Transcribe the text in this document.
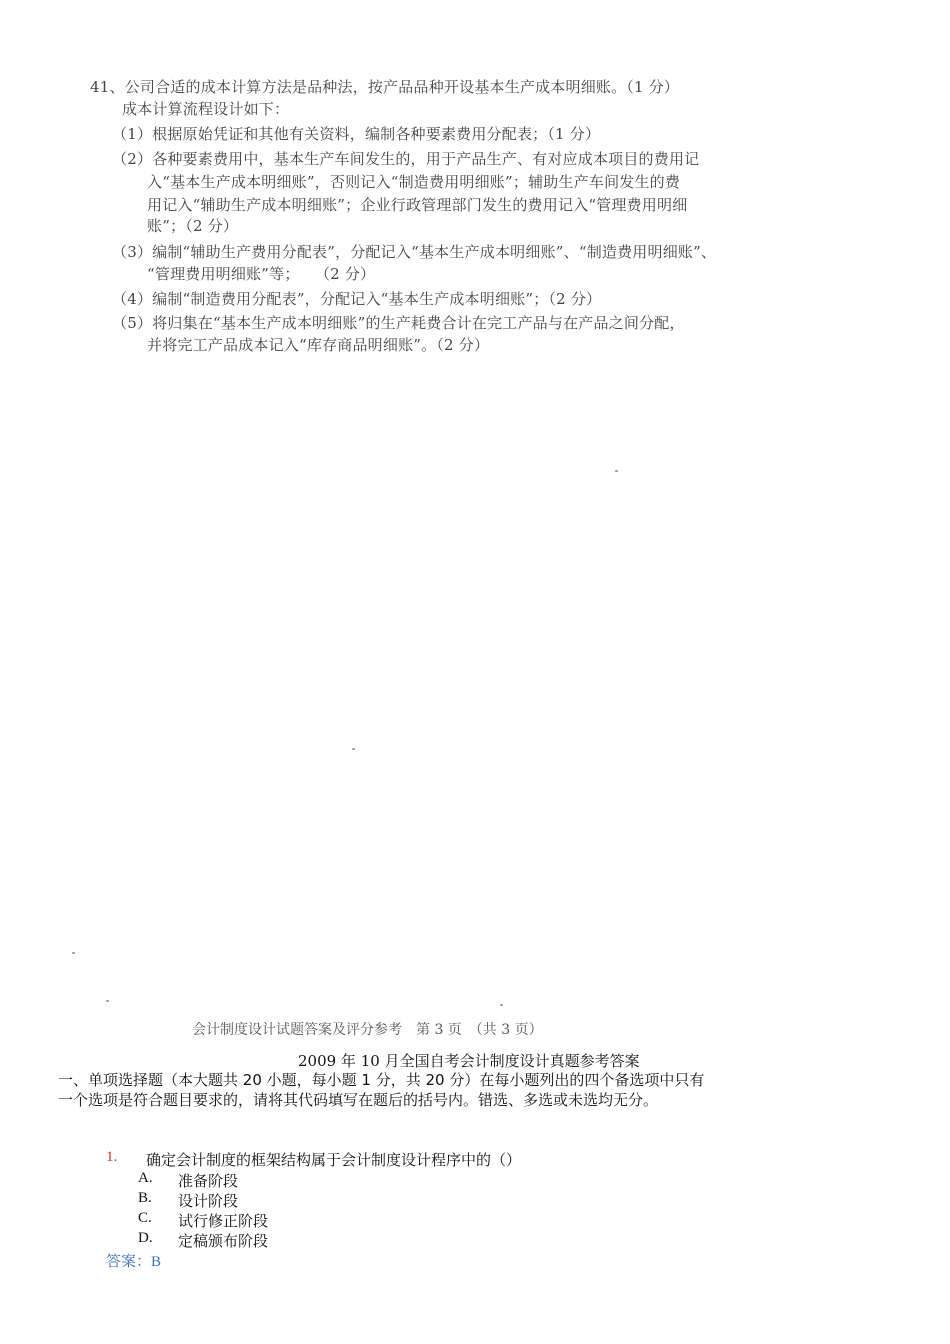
41、公司合适的成本计算方法是品种法，按产品品种开设基本生产成本明细账。（1 分）
成本计算流程设计如下：
（1）根据原始凭证和其他有关资料，编制各种要素费用分配表；（1 分）
（2）各种要素费用中，基本生产车间发生的，用于产品生产、有对应成本项目的费用记
入“基本生产成本明细账”，否则记入“制造费用明细账”；辅助生产车间发生的费
用记入“辅助生产成本明细账”；企业行政管理部门发生的费用记入“管理费用明细
账”；（2 分）
（3）编制“辅助生产费用分配表”，分配记入“基本生产成本明细账”、“制造费用明细账”、
“管理费用明细账”等；　　（2 分）
（4）编制“制造费用分配表”，分配记入“基本生产成本明细账”；（2 分）
（5）将归集在“基本生产成本明细账”的生产耗费合计在完工产品与在产品之间分配，
并将完工产品成本记入“库存商品明细账”。（2 分）
会计制度设计试题答案及评分参考　第 3 页　（共 3 页）
2009 年 10 月全国自考会计制度设计真题参考答案
一、单项选择题（本大题共 20 小题，每小题 1 分，共 20 分）在每小题列出的四个备选项中只有一个选项是符合题目要求的，请将其代码填写在题后的括号内。错选、多选或未选均无分。
1. 确定会计制度的框架结构属于会计制度设计程序中的（）
A. 准备阶段
B. 设计阶段
C. 试行修正阶段
D. 定稿颁布阶段
答案：B
